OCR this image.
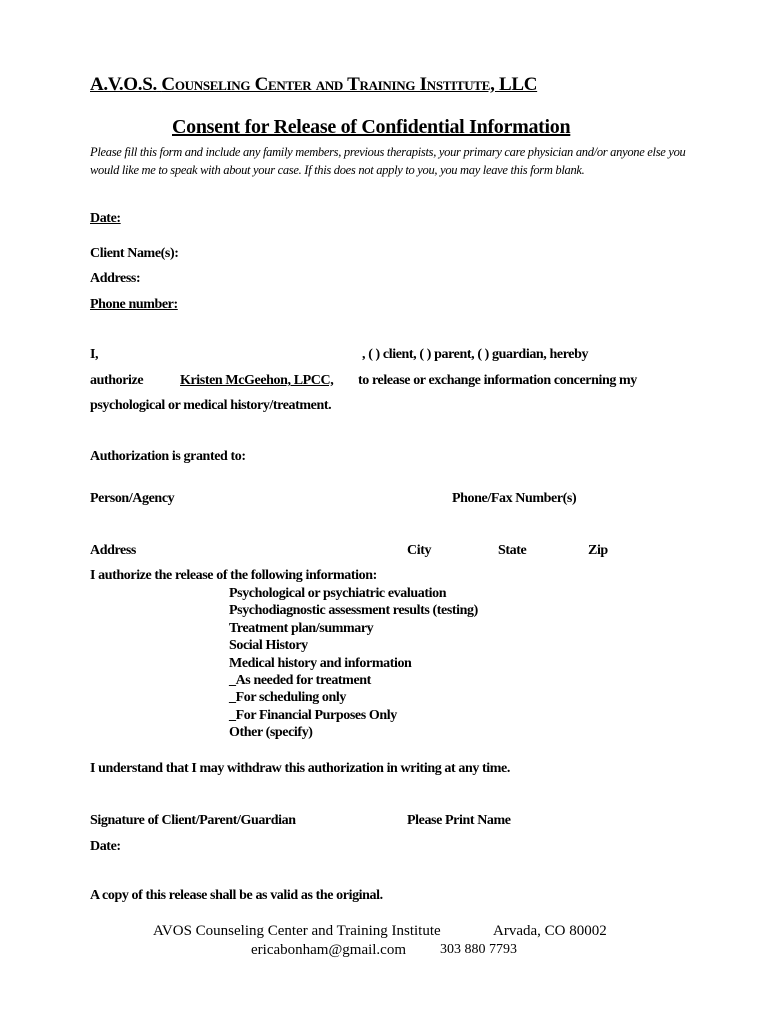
A.V.O.S. Counseling Center and Training Institute, LLC
Consent for Release of Confidential Information
Please fill this form and include any family members, previous therapists, your primary care physician and/or anyone else you would like me to speak with about your case. If this does not apply to you, you may leave this form blank.
Date:
Client Name(s):
Address:
Phone number:
I,	, ( ) client, ( ) parent, ( ) guardian, hereby
authorize	Kristen McGeehon, LPCC,	to release or exchange information concerning my
psychological or medical history/treatment.
Authorization is granted to:
Person/Agency	Phone/Fax Number(s)
Address	City	State	Zip
I authorize the release of the following information:
Psychological or psychiatric evaluation
Psychodiagnostic assessment results (testing)
Treatment plan/summary
Social History
Medical history and information
_As needed for treatment
_For scheduling only
_For Financial Purposes Only
Other (specify)
I understand that I may withdraw this authorization in writing at any time.
Signature of Client/Parent/Guardian	Please Print Name
Date:
A copy of this release shall be as valid as the original.
AVOS Counseling Center and Training Institute	Arvada, CO 80002
ericabonham@gmail.com 303 880 7793
